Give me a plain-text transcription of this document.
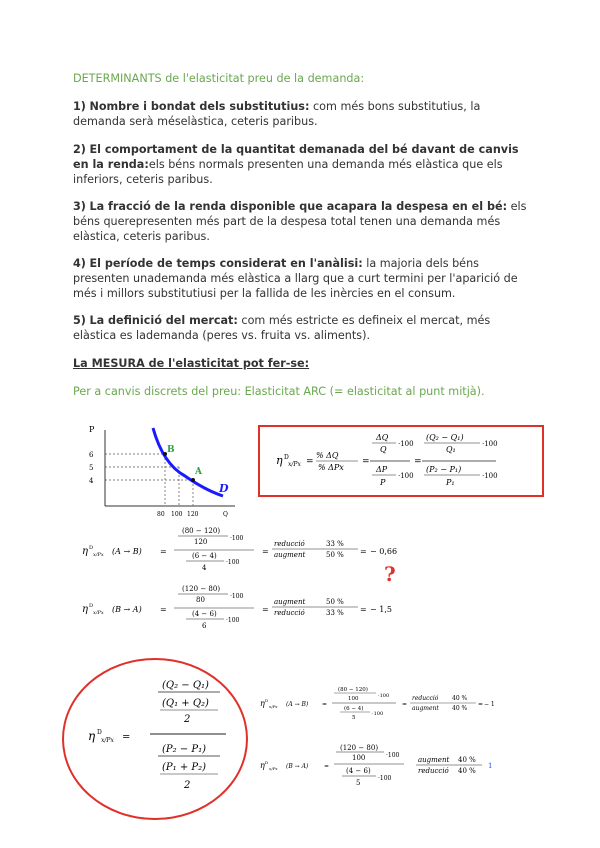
DETERMINANTS de l'elasticitat preu de la demanda:
1) Nombre i bondat dels substitutius: com més bons substitutius, la demanda serà méselàstica, ceteris paribus.
2) El comportament de la quantitat demanada del bé davant de canvis en la renda:els béns normals presenten una demanda més elàstica que els inferiors, ceteris paribus.
3) La fracció de la renda disponible que acapara la despesa en el bé: els béns querepresenten més part de la despesa total tenen una demanda més elàstica, ceteris paribus.
4) El període de temps considerat en l'anàlisi: la majoria dels béns presenten unademanda més elàstica a llarg que a curt termini per l'aparició de més i millors substitutiusi per la fallida de les inèrcies en el consum.
5) La definició del mercat: com més estricte es defineix el mercat, més elàstica es lademanda (peres vs. fruita vs. aliments).
La MESURA de l'elasticitat pot fer-se:
Per a canvis discrets del preu: Elasticitat ARC (= elasticitat al punt mitjà).
P
6
5
4
B
A
D
80 100 120	Q
η D
x/Px =
% ΔQ
% ΔPx
=
ΔQ
Q
·100
ΔP
P
·100
=
(Q₂ − Q₁)
Q₁
·100
(P₂ − P₁)
P₁
·100
η D
x/Px (A → B) =
(80 − 120)
120	·100
(6 − 4)
4
·100
=
reducció
augment
33 %
50 % = − 0,66
?
η D
x/Px (B → A) =
(120 − 80)
80	·100
(4 − 6)
6
·100
=
augment
reducció
50 %
33 % = − 1,5
η D
x/Px =
(Q₂ − Q₁)
(Q₁ + Q₂)
2
(P₂ − P₁)
(P₁ + P₂)
2
η D
x/Px (A → B) =
(80 − 120)
100	·100
(6 − 4)
5
·100
=
reducció
augment
40 %
40 %
= − 1
η D
x/Px (B → A)	=
(120 − 80)
100	·100
(4 − 6)
5
·100
augment
reducció
40 %
40 %
1
